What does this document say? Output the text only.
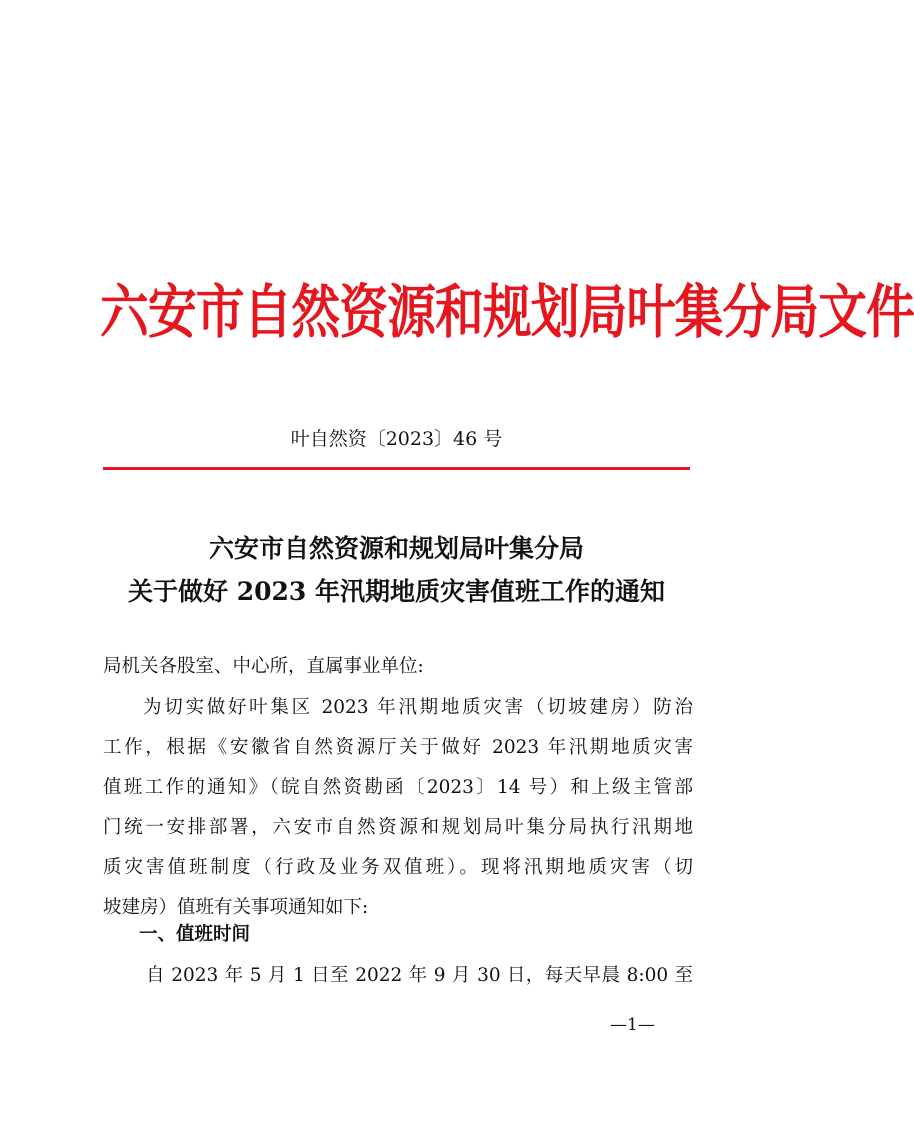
六安市自然资源和规划局叶集分局文件
叶自然资〔2023〕46 号
六安市自然资源和规划局叶集分局
关于做好 2023 年汛期地质灾害值班工作的通知
局机关各股室、中心所，直属事业单位:
为切实做好叶集区 2023 年汛期地质灾害（切坡建房）防治
工作，根据《安徽省自然资源厅关于做好 2023 年汛期地质灾害
值班工作的通知》（皖自然资勘函〔2023〕14 号）和上级主管部
门统一安排部署，六安市自然资源和规划局叶集分局执行汛期地
质灾害值班制度（行政及业务双值班）。现将汛期地质灾害（切
坡建房）值班有关事项通知如下:
一、值班时间
自 2023 年 5 月 1 日至 2022 年 9 月 30 日，每天早晨 8:00 至
—1—
